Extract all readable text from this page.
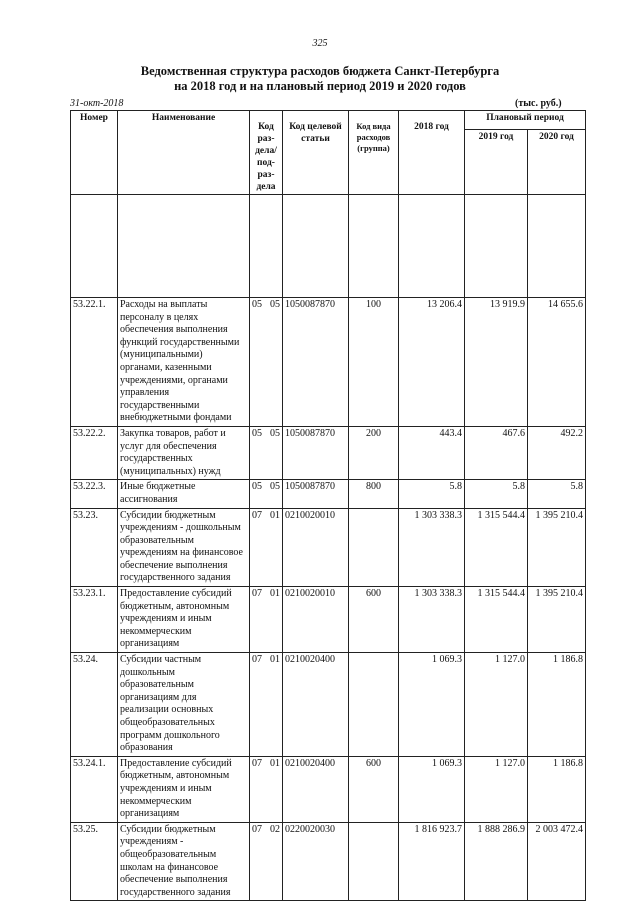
325
Ведомственная структура расходов бюджета Санкт-Петербурга
на 2018 год и на плановый период 2019 и 2020 годов
31-окт-2018	(тыс. руб.)
Номер	Наименование	Код раз- дела/ под- раз- дела	Код целевой статьи	Код вида расходов (группа)	2018 год	Плановый период	
						2019 год	2020 год

53.22.1.	Расходы на выплаты персоналу в целях обеспечения выполнения функций государственными (муниципальными) органами, казенными учреждениями, органами управления государственными внебюджетными фондами	05 05	1050087870	100	13 206.4	13 919.9	14 655.6
53.22.2.	Закупка товаров, работ и услуг для обеспечения государственных (муниципальных) нужд	05 05	1050087870	200	443.4	467.6	492.2
53.22.3.	Иные бюджетные ассигнования	05 05	1050087870	800	5.8	5.8	5.8
53.23.	Субсидии бюджетным учреждениям - дошкольным образовательным учреждениям на финансовое обеспечение выполнения государственного задания	07 01	0210020010		1 303 338.3	1 315 544.4	1 395 210.4
53.23.1.	Предоставление субсидий бюджетным, автономным учреждениям и иным некоммерческим организациям	07 01	0210020010	600	1 303 338.3	1 315 544.4	1 395 210.4
53.24.	Субсидии частным дошкольным образовательным организациям для реализации основных общеобразовательных программ дошкольного образования	07 01	0210020400		1 069.3	1 127.0	1 186.8
53.24.1.	Предоставление субсидий бюджетным, автономным учреждениям и иным некоммерческим организациям	07 01	0210020400	600	1 069.3	1 127.0	1 186.8
53.25.	Субсидии бюджетным учреждениям - общеобразовательным школам на финансовое обеспечение выполнения государственного задания	07 02	0220020030		1 816 923.7	1 888 286.9	2 003 472.4
